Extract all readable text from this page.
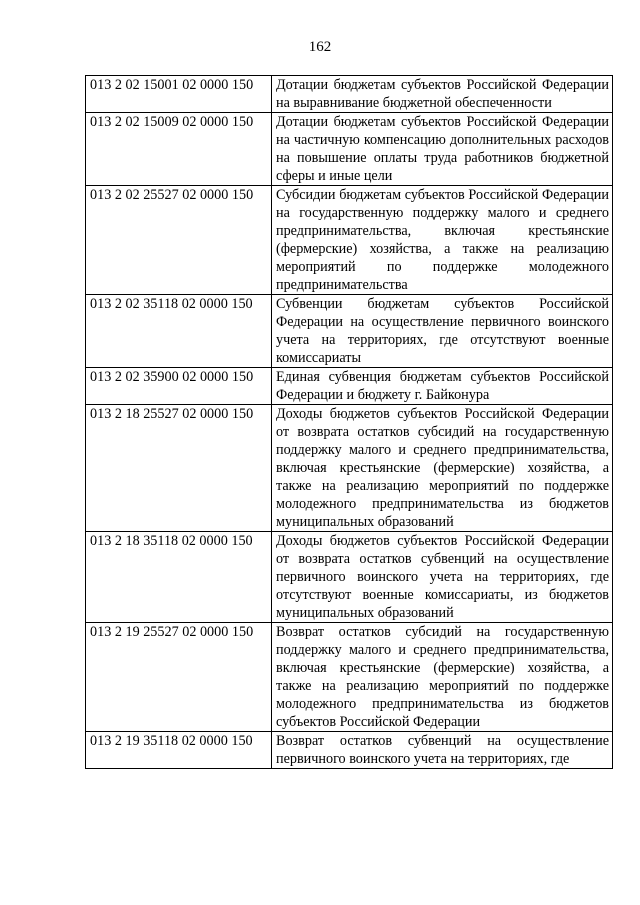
162
013 2 02 15001 02 0000 150	Дотации бюджетам субъектов Российской Федерации на выравнивание бюджетной обеспеченности
013 2 02 15009 02 0000 150	Дотации бюджетам субъектов Российской Федерации на частичную компенсацию дополнительных расходов на повышение оплаты труда работников бюджетной сферы и иные цели
013 2 02 25527 02 0000 150	Субсидии бюджетам субъектов Российской Федерации на государственную поддержку малого и среднего предпринимательства, включая крестьянские (фермерские) хозяйства, а также на реализацию мероприятий по поддержке молодежного предпринимательства
013 2 02 35118 02 0000 150	Субвенции бюджетам субъектов Российской Федерации на осуществление первичного воинского учета на территориях, где отсутствуют военные комиссариаты
013 2 02 35900 02 0000 150	Единая субвенция бюджетам субъектов Российской Федерации и бюджету г. Байконура
013 2 18 25527 02 0000 150	Доходы бюджетов субъектов Российской Федерации от возврата остатков субсидий на государственную поддержку малого и среднего предпринимательства, включая крестьянские (фермерские) хозяйства, а также на реализацию мероприятий по поддержке молодежного предпринимательства из бюджетов муниципальных образований
013 2 18 35118 02 0000 150	Доходы бюджетов субъектов Российской Федерации от возврата остатков субвенций на осуществление первичного воинского учета на территориях, где отсутствуют военные комиссариаты, из бюджетов муниципальных образований
013 2 19 25527 02 0000 150	Возврат остатков субсидий на государственную поддержку малого и среднего предпринимательства, включая крестьянские (фермерские) хозяйства, а также на реализацию мероприятий по поддержке молодежного предпринимательства из бюджетов субъектов Российской Федерации
013 2 19 35118 02 0000 150	Возврат остатков субвенций на осуществление первичного воинского учета на территориях, где
